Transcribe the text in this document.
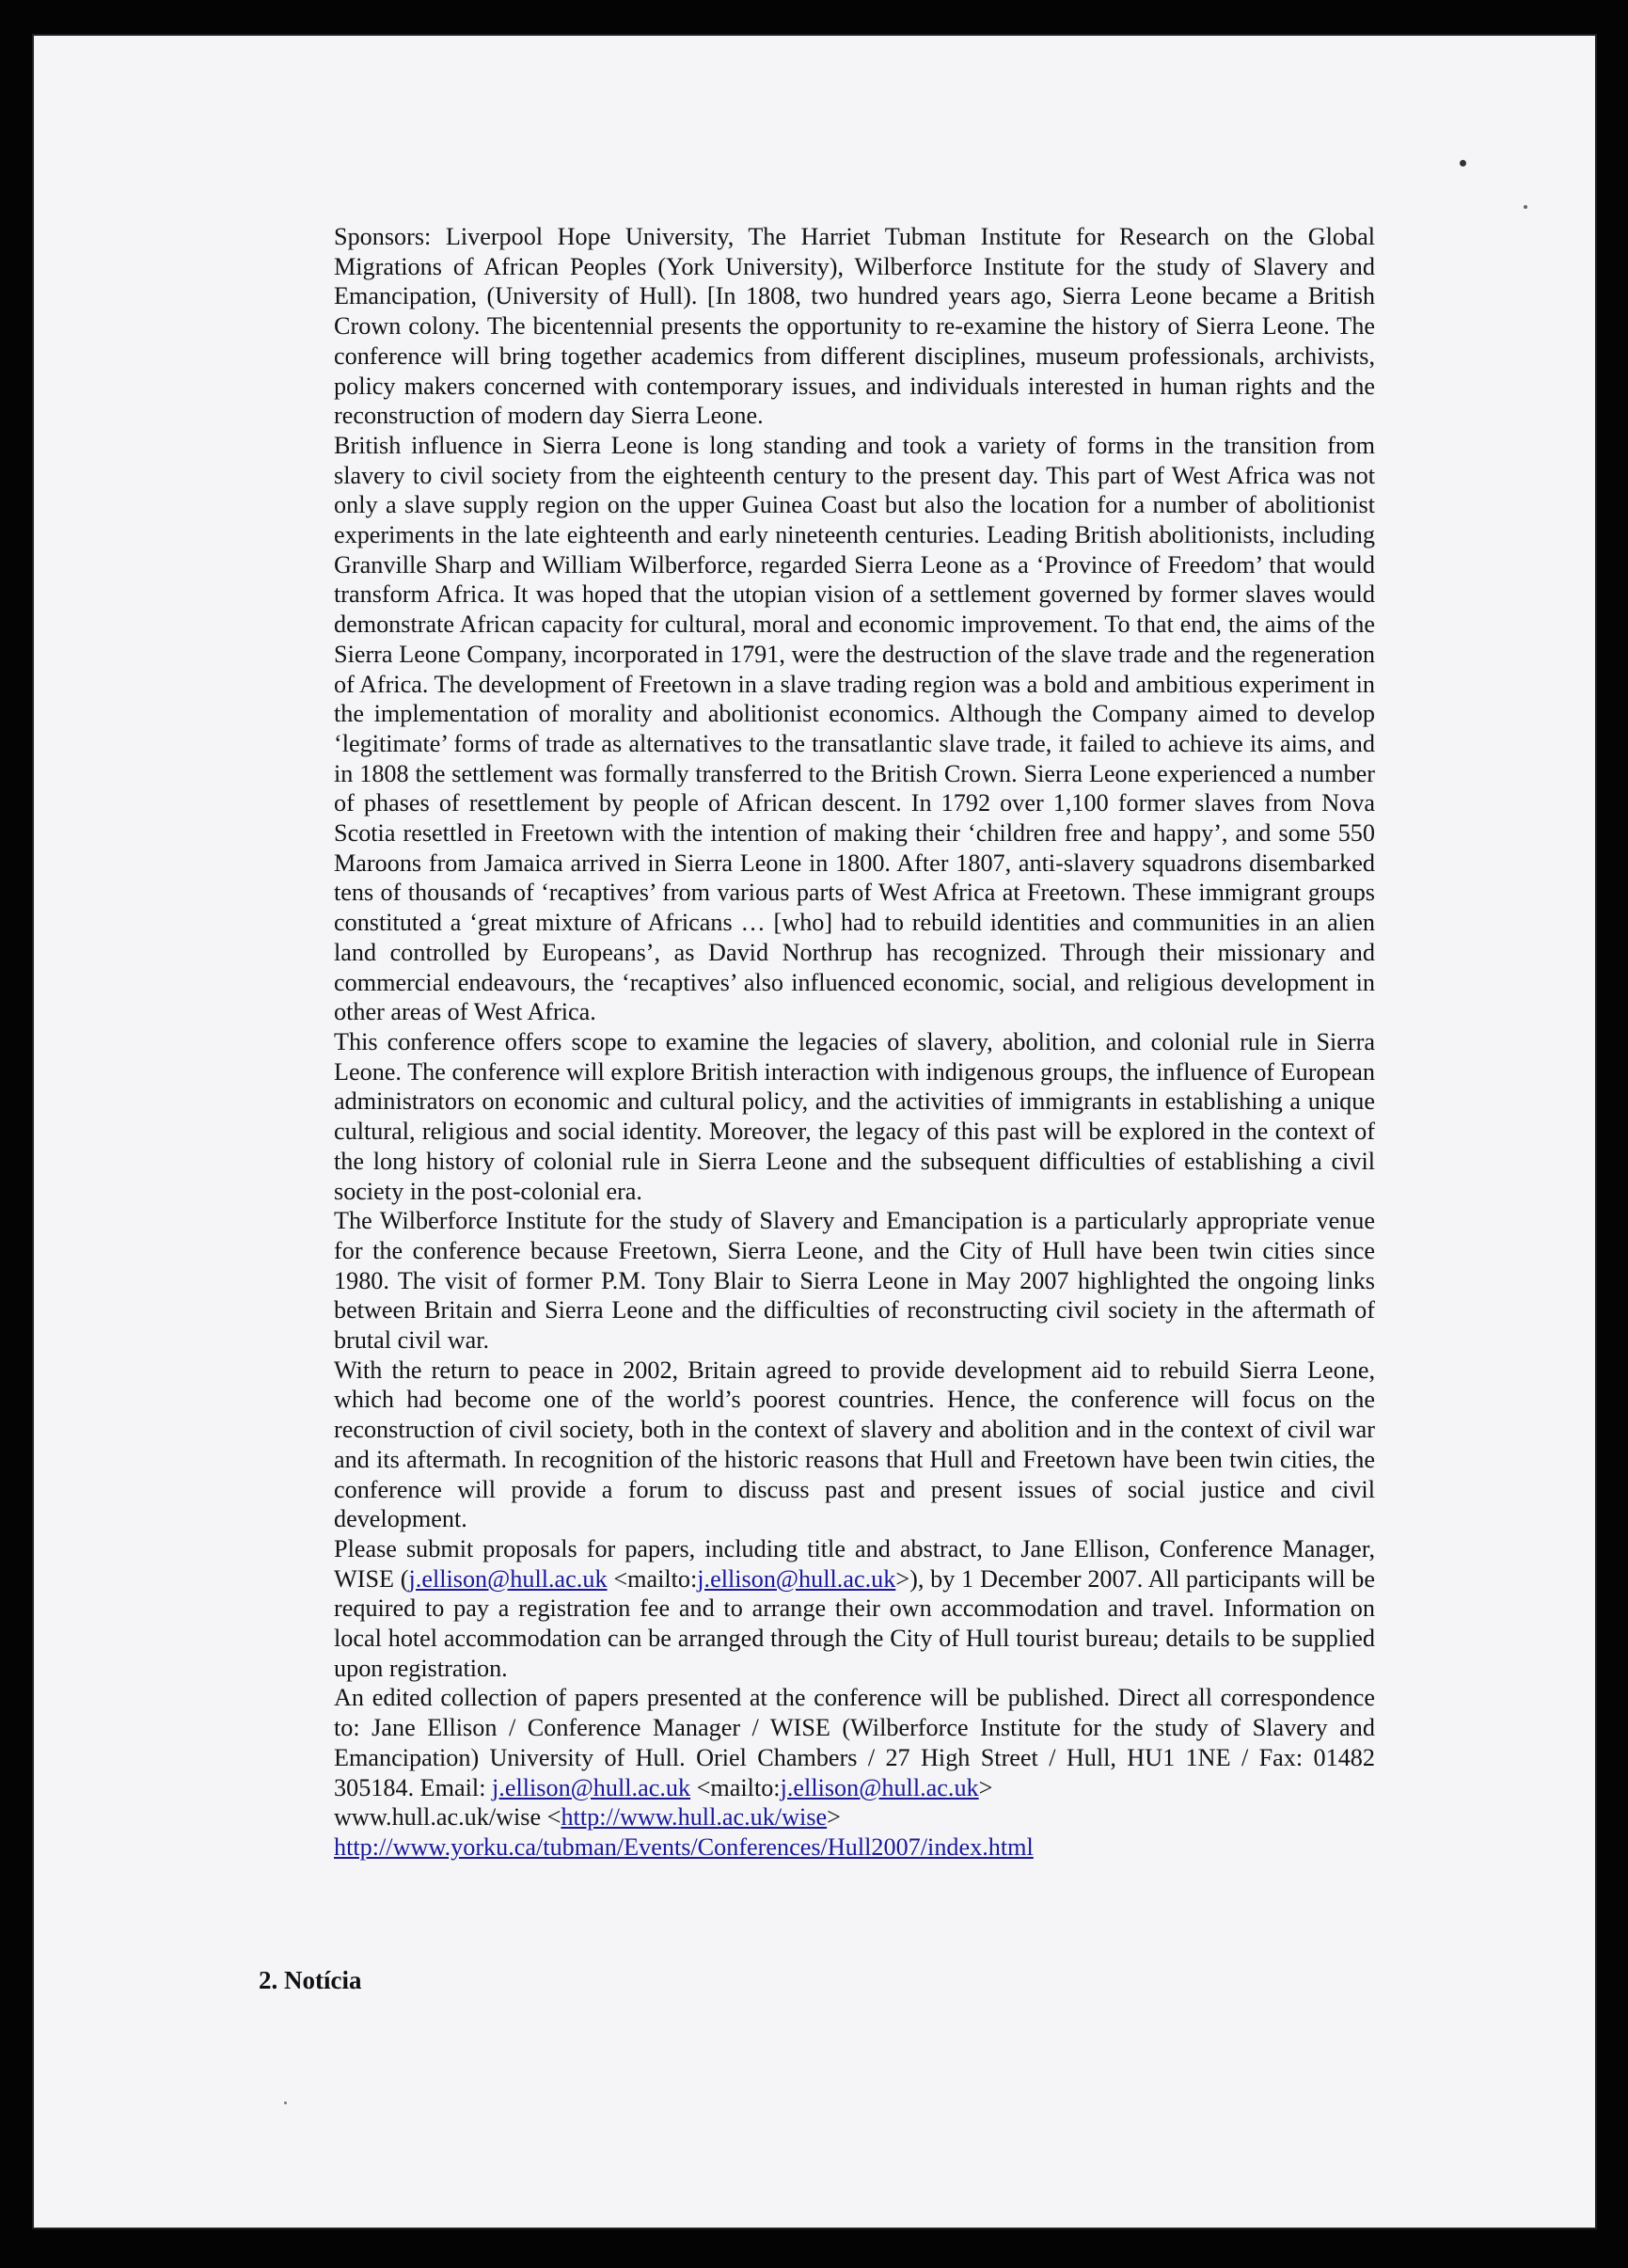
Sponsors: Liverpool Hope University, The Harriet Tubman Institute for Research on the Global Migrations of African Peoples (York University), Wilberforce Institute for the study of Slavery and Emancipation, (University of Hull). [In 1808, two hundred years ago, Sierra Leone became a British Crown colony. The bicentennial presents the opportunity to re-examine the history of Sierra Leone. The conference will bring together academics from different disciplines, museum professionals, archivists, policy makers concerned with contemporary issues, and individuals interested in human rights and the reconstruction of modern day Sierra Leone.

British influence in Sierra Leone is long standing and took a variety of forms in the transition from slavery to civil society from the eighteenth century to the present day. This part of West Africa was not only a slave supply region on the upper Guinea Coast but also the location for a number of abolitionist experiments in the late eighteenth and early nineteenth centuries. Leading British abolitionists, including Granville Sharp and William Wilberforce, regarded Sierra Leone as a ‘Province of Freedom’ that would transform Africa. It was hoped that the utopian vision of a settlement governed by former slaves would demonstrate African capacity for cultural, moral and economic improvement. To that end, the aims of the Sierra Leone Company, incorporated in 1791, were the destruction of the slave trade and the regeneration of Africa. The development of Freetown in a slave trading region was a bold and ambitious experiment in the implementation of morality and abolitionist economics. Although the Company aimed to develop ‘legitimate’ forms of trade as alternatives to the transatlantic slave trade, it failed to achieve its aims, and in 1808 the settlement was formally transferred to the British Crown. Sierra Leone experienced a number of phases of resettlement by people of African descent. In 1792 over 1,100 former slaves from Nova Scotia resettled in Freetown with the intention of making their ‘children free and happy’, and some 550 Maroons from Jamaica arrived in Sierra Leone in 1800. After 1807, anti-slavery squadrons disembarked tens of thousands of ‘recaptives’ from various parts of West Africa at Freetown. These immigrant groups constituted a ‘great mixture of Africans … [who] had to rebuild identities and communities in an alien land controlled by Europeans’, as David Northrup has recognized. Through their missionary and commercial endeavours, the ‘recaptives’ also influenced economic, social, and religious development in other areas of West Africa.

This conference offers scope to examine the legacies of slavery, abolition, and colonial rule in Sierra Leone. The conference will explore British interaction with indigenous groups, the influence of European administrators on economic and cultural policy, and the activities of immigrants in establishing a unique cultural, religious and social identity. Moreover, the legacy of this past will be explored in the context of the long history of colonial rule in Sierra Leone and the subsequent difficulties of establishing a civil society in the post-colonial era.

The Wilberforce Institute for the study of Slavery and Emancipation is a particularly appropriate venue for the conference because Freetown, Sierra Leone, and the City of Hull have been twin cities since 1980. The visit of former P.M. Tony Blair to Sierra Leone in May 2007 highlighted the ongoing links between Britain and Sierra Leone and the difficulties of reconstructing civil society in the aftermath of brutal civil war.

With the return to peace in 2002, Britain agreed to provide development aid to rebuild Sierra Leone, which had become one of the world’s poorest countries. Hence, the conference will focus on the reconstruction of civil society, both in the context of slavery and abolition and in the context of civil war and its aftermath. In recognition of the historic reasons that Hull and Freetown have been twin cities, the conference will provide a forum to discuss past and present issues of social justice and civil development.

Please submit proposals for papers, including title and abstract, to Jane Ellison, Conference Manager, WISE (j.ellison@hull.ac.uk <mailto:j.ellison@hull.ac.uk>), by 1 December 2007. All participants will be required to pay a registration fee and to arrange their own accommodation and travel. Information on local hotel accommodation can be arranged through the City of Hull tourist bureau; details to be supplied upon registration.

An edited collection of papers presented at the conference will be published. Direct all correspondence to: Jane Ellison / Conference Manager / WISE (Wilberforce Institute for the study of Slavery and Emancipation) University of Hull. Oriel Chambers / 27 High Street / Hull, HU1 1NE / Fax: 01482 305184. Email: j.ellison@hull.ac.uk <mailto:j.ellison@hull.ac.uk>

www.hull.ac.uk/wise <http://www.hull.ac.uk/wise>
http://www.yorku.ca/tubman/Events/Conferences/Hull2007/index.html

2. Notícia
